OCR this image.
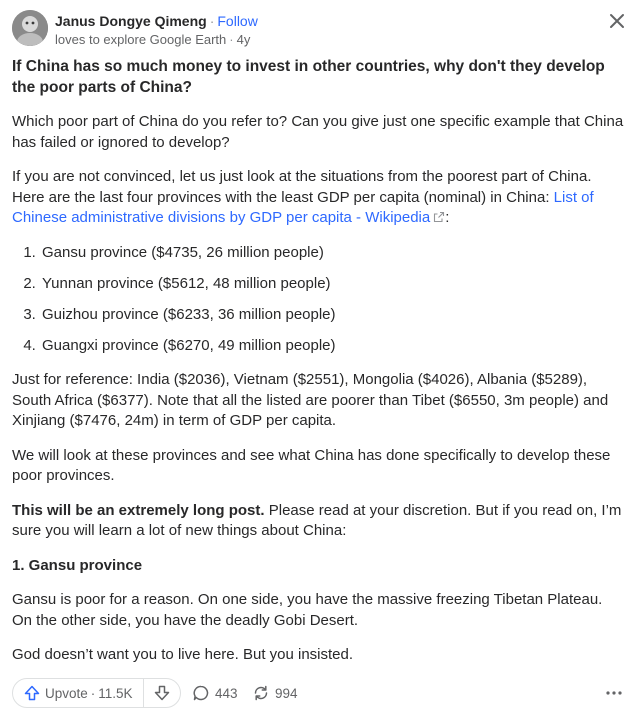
Janus Dongye Qimeng · Follow
loves to explore Google Earth · 4y
If China has so much money to invest in other countries, why don't they develop the poor parts of China?

Which poor part of China do you refer to? Can you give just one specific example that China has failed or ignored to develop?

If you are not convinced, let us just look at the situations from the poorest part of China. Here are the last four provinces with the least GDP per capita (nominal) in China: List of Chinese administrative divisions by GDP per capita - Wikipedia :

1. Gansu province ($4735, 26 million people)
2. Yunnan province ($5612, 48 million people)
3. Guizhou province ($6233, 36 million people)
4. Guangxi province ($6270, 49 million people)

Just for reference: India ($2036), Vietnam ($2551), Mongolia ($4026), Albania ($5289), South Africa ($6377). Note that all the listed are poorer than Tibet ($6550, 3m people) and Xinjiang ($7476, 24m) in term of GDP per capita.

We will look at these provinces and see what China has done specifically to develop these poor provinces.

This will be an extremely long post. Please read at your discretion. But if you read on, I’m sure you will learn a lot of new things about China:

1. Gansu province

Gansu is poor for a reason. On one side, you have the massive freezing Tibetan Plateau. On the other side, you have the deadly Gobi Desert.

God doesn’t want you to live here. But you insisted.

Upvote · 11.5K	443	994
